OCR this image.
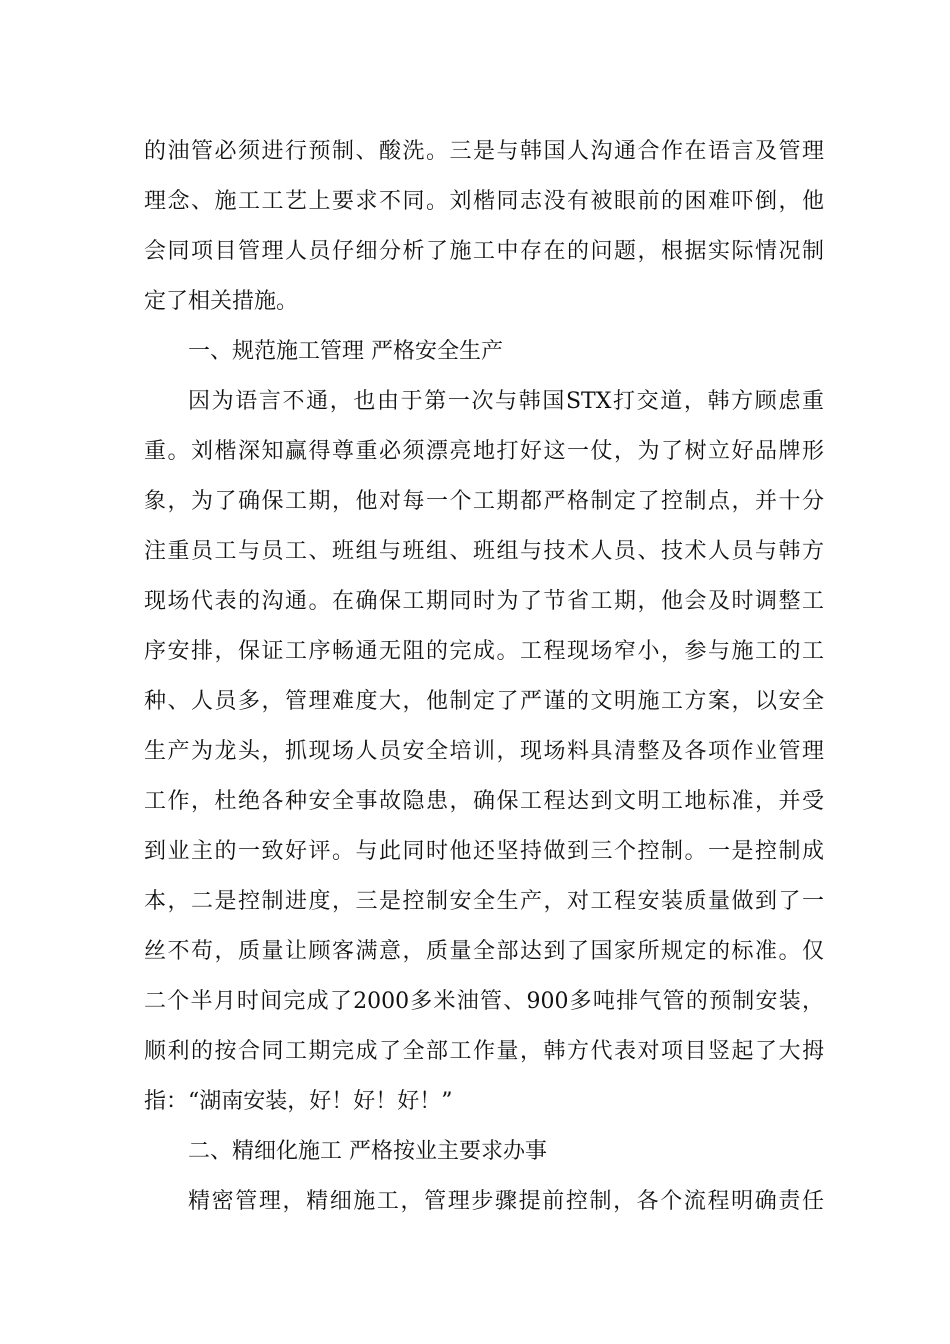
的油管必须进行预制、酸洗。三是与韩国人沟通合作在语言及管理
理念、施工工艺上要求不同。刘楷同志没有被眼前的困难吓倒，他
会同项目管理人员仔细分析了施工中存在的问题，根据实际情况制
定了相关措施。
一、规范施工管理 严格安全生产
因为语言不通，也由于第一次与韩国STX打交道，韩方顾虑重
重。刘楷深知赢得尊重必须漂亮地打好这一仗，为了树立好品牌形
象，为了确保工期，他对每一个工期都严格制定了控制点，并十分
注重员工与员工、班组与班组、班组与技术人员、技术人员与韩方
现场代表的沟通。在确保工期同时为了节省工期，他会及时调整工
序安排，保证工序畅通无阻的完成。工程现场窄小，参与施工的工
种、人员多，管理难度大，他制定了严谨的文明施工方案，以安全
生产为龙头，抓现场人员安全培训，现场料具清整及各项作业管理
工作，杜绝各种安全事故隐患，确保工程达到文明工地标准，并受
到业主的一致好评。与此同时他还坚持做到三个控制。一是控制成
本，二是控制进度，三是控制安全生产，对工程安装质量做到了一
丝不苟，质量让顾客满意，质量全部达到了国家所规定的标准。仅
二个半月时间完成了2000多米油管、900多吨排气管的预制安装，
顺利的按合同工期完成了全部工作量，韩方代表对项目竖起了大拇
指：“湖南安装，好！好！好！”
二、精细化施工 严格按业主要求办事
精密管理，精细施工，管理步骤提前控制，各个流程明确责任
